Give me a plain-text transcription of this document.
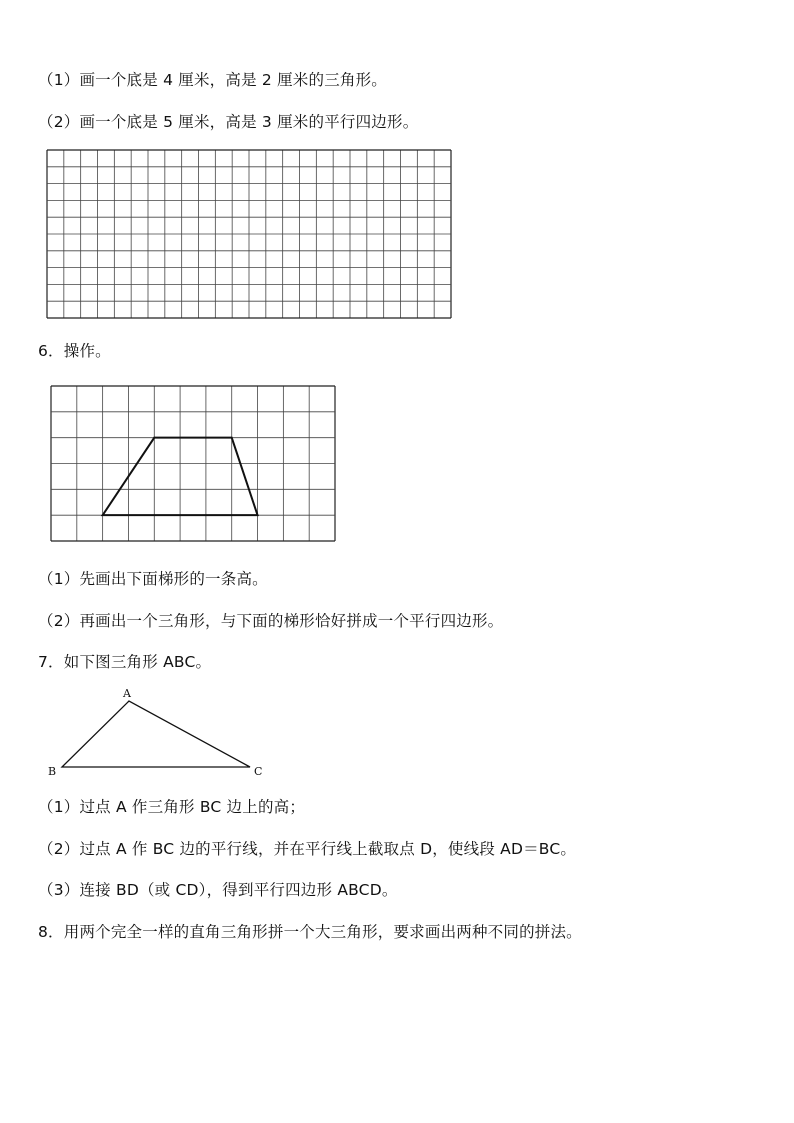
（1）画一个底是 4 厘米，高是 2 厘米的三角形。
（2）画一个底是 5 厘米，高是 3 厘米的平行四边形。
6．操作。
（1）先画出下面梯形的一条高。
（2）再画出一个三角形，与下面的梯形恰好拼成一个平行四边形。
7．如下图三角形 ABC。
A
B	C
（1）过点 A 作三角形 BC 边上的高；
（2）过点 A 作 BC 边的平行线，并在平行线上截取点 D，使线段 AD＝BC。
（3）连接 BD（或 CD），得到平行四边形 ABCD。
8．用两个完全一样的直角三角形拼一个大三角形，要求画出两种不同的拼法。
